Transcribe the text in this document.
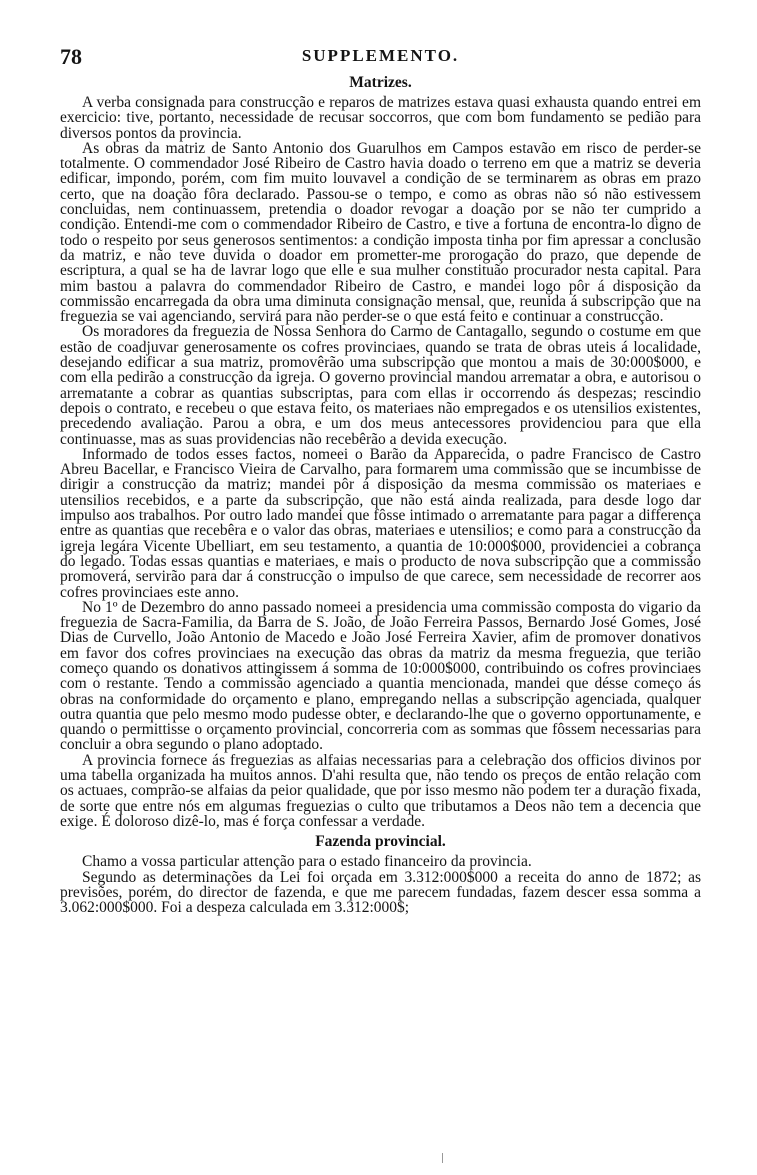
78	SUPPLEMENTO.
Matrizes.

A verba consignada para construcção e reparos de matrizes estava quasi exhausta quando entrei em exercicio: tive, portanto, necessidade de recusar soccorros, que com bom fundamento se pedião para diversos pontos da provincia.

As obras da matriz de Santo Antonio dos Guarulhos em Campos estavão em risco de perder-se totalmente. O commendador José Ribeiro de Castro havia doado o terreno em que a matriz se deveria edificar, impondo, porém, com fim muito louvavel a condição de se terminarem as obras em prazo certo, que na doação fôra declarado. Passou-se o tempo, e como as obras não só não estivessem concluidas, nem continuassem, pretendia o doador revogar a doação por se não ter cumprido a condição. Entendi-me com o commendador Ribeiro de Castro, e tive a fortuna de encontra-lo digno de todo o respeito por seus generosos sentimentos: a condição imposta tinha por fim apressar a conclusão da matriz, e não teve duvida o doador em prometter-me prorogação do prazo, que depende de escriptura, a qual se ha de lavrar logo que elle e sua mulher constituão procurador nesta capital. Para mim bastou a palavra do commendador Ribeiro de Castro, e mandei logo pôr á disposição da commissão encarregada da obra uma diminuta consignação mensal, que, reunida á subscripção que na freguezia se vai agenciando, servirá para não perder-se o que está feito e continuar a construcção.

Os moradores da freguezia de Nossa Senhora do Carmo de Cantagallo, segundo o costume em que estão de coadjuvar generosamente os cofres provinciaes, quando se trata de obras uteis á localidade, desejando edificar a sua matriz, promovêrão uma subscripção que montou a mais de 30:000$000, e com ella pedirão a construcção da igreja. O governo provincial mandou arrematar a obra, e autorisou o arrematante a cobrar as quantias subscriptas, para com ellas ir occorrendo ás despezas; rescindio depois o contrato, e recebeu o que estava feito, os materiaes não empregados e os utensilios existentes, precedendo avaliação. Parou a obra, e um dos meus antecessores providenciou para que ella continuasse, mas as suas providencias não recebêrão a devida execução.

Informado de todos esses factos, nomeei o Barão da Apparecida, o padre Francisco de Castro Abreu Bacellar, e Francisco Vieira de Carvalho, para formarem uma commissão que se incumbisse de dirigir a construcção da matriz; mandei pôr á disposição da mesma commissão os materiaes e utensilios recebidos, e a parte da subscripção, que não está ainda realizada, para desde logo dar impulso aos trabalhos. Por outro lado mandei que fôsse intimado o arrematante para pagar a differença entre as quantias que recebêra e o valor das obras, materiaes e utensilios; e como para a construcção da igreja legára Vicente Ubelliart, em seu testamento, a quantia de 10:000$000, providenciei a cobrança do legado. Todas essas quantias e materiaes, e mais o producto de nova subscripção que a commissão promoverá, servirão para dar á construcção o impulso de que carece, sem necessidade de recorrer aos cofres provinciaes este anno.

No 1º de Dezembro do anno passado nomeei a presidencia uma commissão composta do vigario da freguezia de Sacra-Familia, da Barra de S. João, de João Ferreira Passos, Bernardo José Gomes, José Dias de Curvello, João Antonio de Macedo e João José Ferreira Xavier, afim de promover donativos em favor dos cofres provinciaes na execução das obras da matriz da mesma freguezia, que terião começo quando os donativos attingissem á somma de 10:000$000, contribuindo os cofres provinciaes com o restante. Tendo a commissão agenciado a quantia mencionada, mandei que désse começo ás obras na conformidade do orçamento e plano, empregando nellas a subscripção agenciada, qualquer outra quantia que pelo mesmo modo pudesse obter, e declarando-lhe que o governo opportunamente, e quando o permittisse o orçamento provincial, concorreria com as sommas que fôssem necessarias para concluir a obra segundo o plano adoptado.

A provincia fornece ás freguezias as alfaias necessarias para a celebração dos officios divinos por uma tabella organizada ha muitos annos. D'ahi resulta que, não tendo os preços de então relação com os actuaes, comprão-se alfaias da peior qualidade, que por isso mesmo não podem ter a duração fixada, de sorte que entre nós em algumas freguezias o culto que tributamos a Deos não tem a decencia que exige. É doloroso dizê-lo, mas é força confessar a verdade.

Fazenda provincial.

Chamo a vossa particular attenção para o estado financeiro da provincia.

Segundo as determinações da Lei foi orçada em 3.312:000$000 a receita do anno de 1872; as previsões, porém, do director de fazenda, e que me parecem fundadas, fazem descer essa somma a 3.062:000$000. Foi a despeza calculada em 3.312:000$;
